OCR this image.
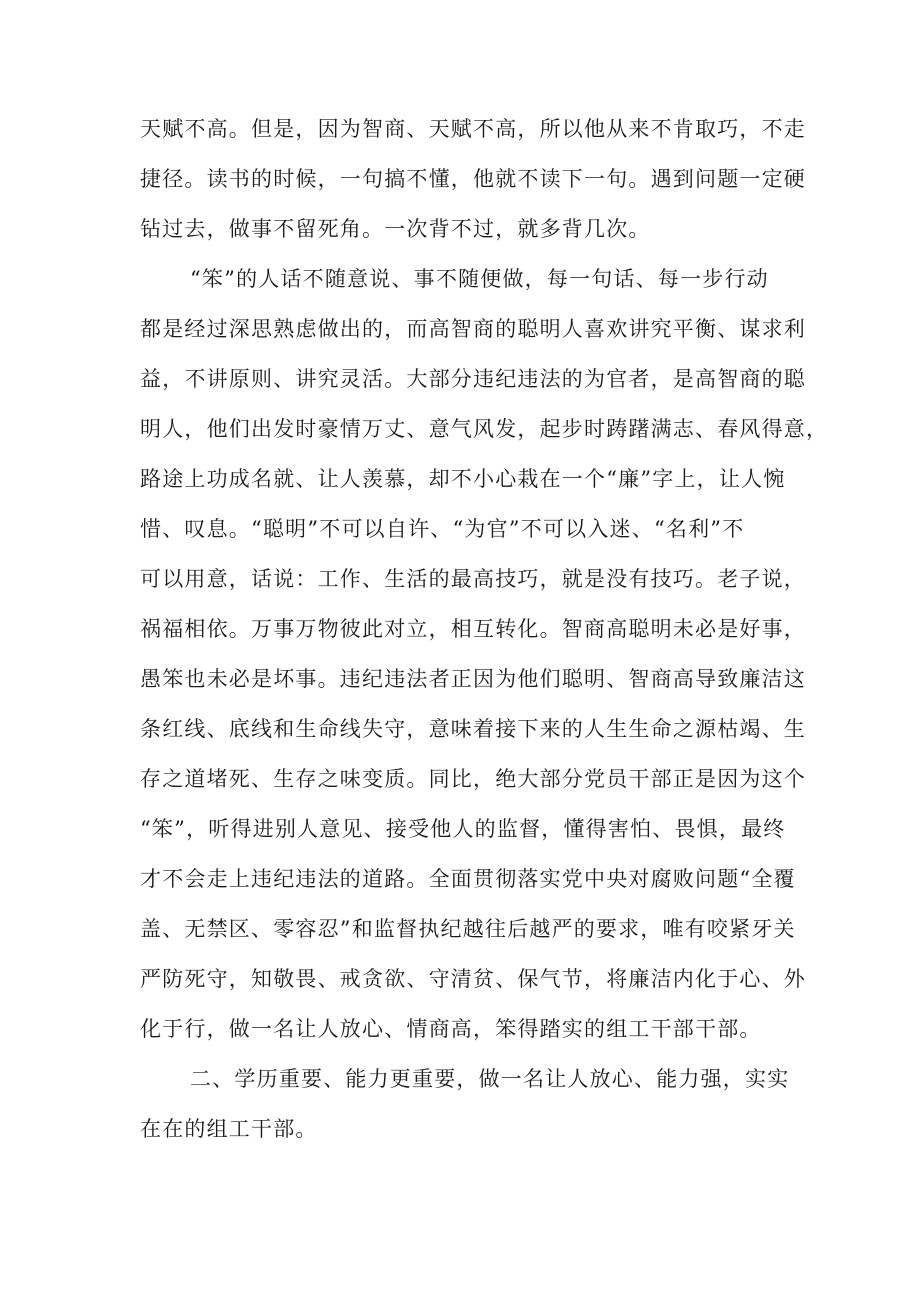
天赋不高。但是，因为智商、天赋不高，所以他从来不肯取巧，不走
捷径。读书的时候，一句搞不懂，他就不读下一句。遇到问题一定硬
钻过去，做事不留死角。一次背不过，就多背几次。
“笨”的人话不随意说、事不随便做，每一句话、每一步行动
都是经过深思熟虑做出的，而高智商的聪明人喜欢讲究平衡、谋求利
益，不讲原则、讲究灵活。大部分违纪违法的为官者，是高智商的聪
明人，他们出发时豪情万丈、意气风发，起步时踌躇满志、春风得意，
路途上功成名就、让人羡慕，却不小心栽在一个“廉”字上，让人惋
惜、叹息。“聪明”不可以自许、“为官”不可以入迷、“名利”不
可以用意，话说：工作、生活的最高技巧，就是没有技巧。老子说，
祸福相依。万事万物彼此对立，相互转化。智商高聪明未必是好事，
愚笨也未必是坏事。违纪违法者正因为他们聪明、智商高导致廉洁这
条红线、底线和生命线失守，意味着接下来的人生生命之源枯竭、生
存之道堵死、生存之味变质。同比，绝大部分党员干部正是因为这个
“笨”，听得进别人意见、接受他人的监督，懂得害怕、畏惧，最终
才不会走上违纪违法的道路。全面贯彻落实党中央对腐败问题“全覆
盖、无禁区、零容忍”和监督执纪越往后越严的要求，唯有咬紧牙关
严防死守，知敬畏、戒贪欲、守清贫、保气节，将廉洁内化于心、外
化于行，做一名让人放心、情商高，笨得踏实的组工干部干部。
二、学历重要、能力更重要，做一名让人放心、能力强，实实
在在的组工干部。
